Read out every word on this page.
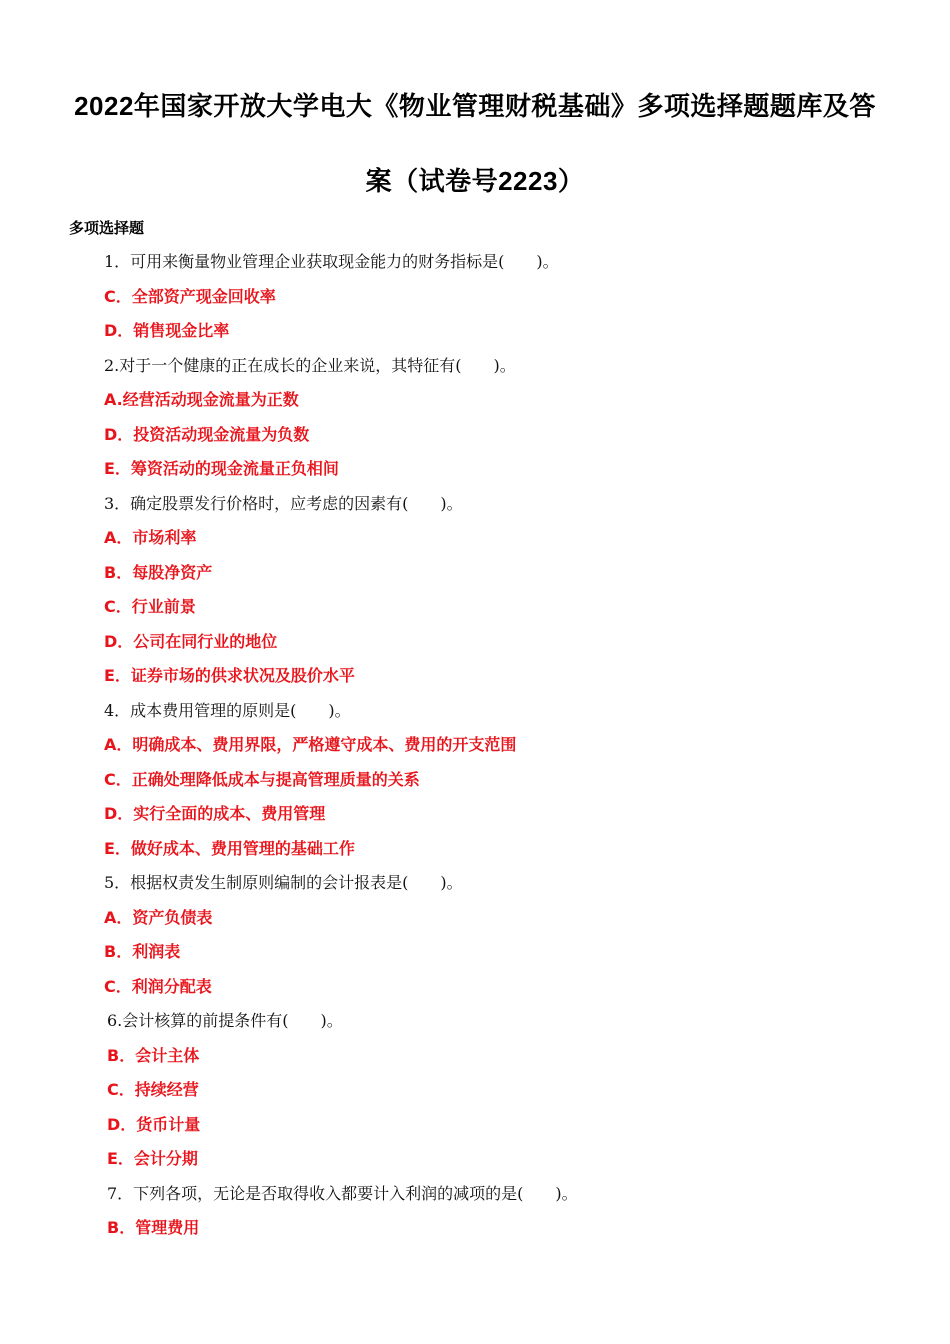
2022年国家开放大学电大《物业管理财税基础》多项选择题题库及答
案（试卷号2223）
多项选择题
1．可用来衡量物业管理企业获取现金能力的财务指标是(　　)。
C．全部资产现金回收率
D．销售现金比率
2.对于一个健康的正在成长的企业来说，其特征有(　　)。
A.经营活动现金流量为正数
D．投资活动现金流量为负数
E．筹资活动的现金流量正负相间
3．确定股票发行价格时，应考虑的因素有(　　)。
A．市场利率
B．每股净资产
C．行业前景
D．公司在同行业的地位
E．证券市场的供求状况及股价水平
4．成本费用管理的原则是(　　)。
A．明确成本、费用界限，严格遵守成本、费用的开支范围
C．正确处理降低成本与提高管理质量的关系
D．实行全面的成本、费用管理
E．做好成本、费用管理的基础工作
5．根据权责发生制原则编制的会计报表是(　　)。
A．资产负债表
B．利润表
C．利润分配表
6.会计核算的前提条件有(　　)。
B．会计主体
C．持续经营
D．货币计量
E．会计分期
7．下列各项，无论是否取得收入都要计入利润的减项的是(　　)。
B．管理费用
